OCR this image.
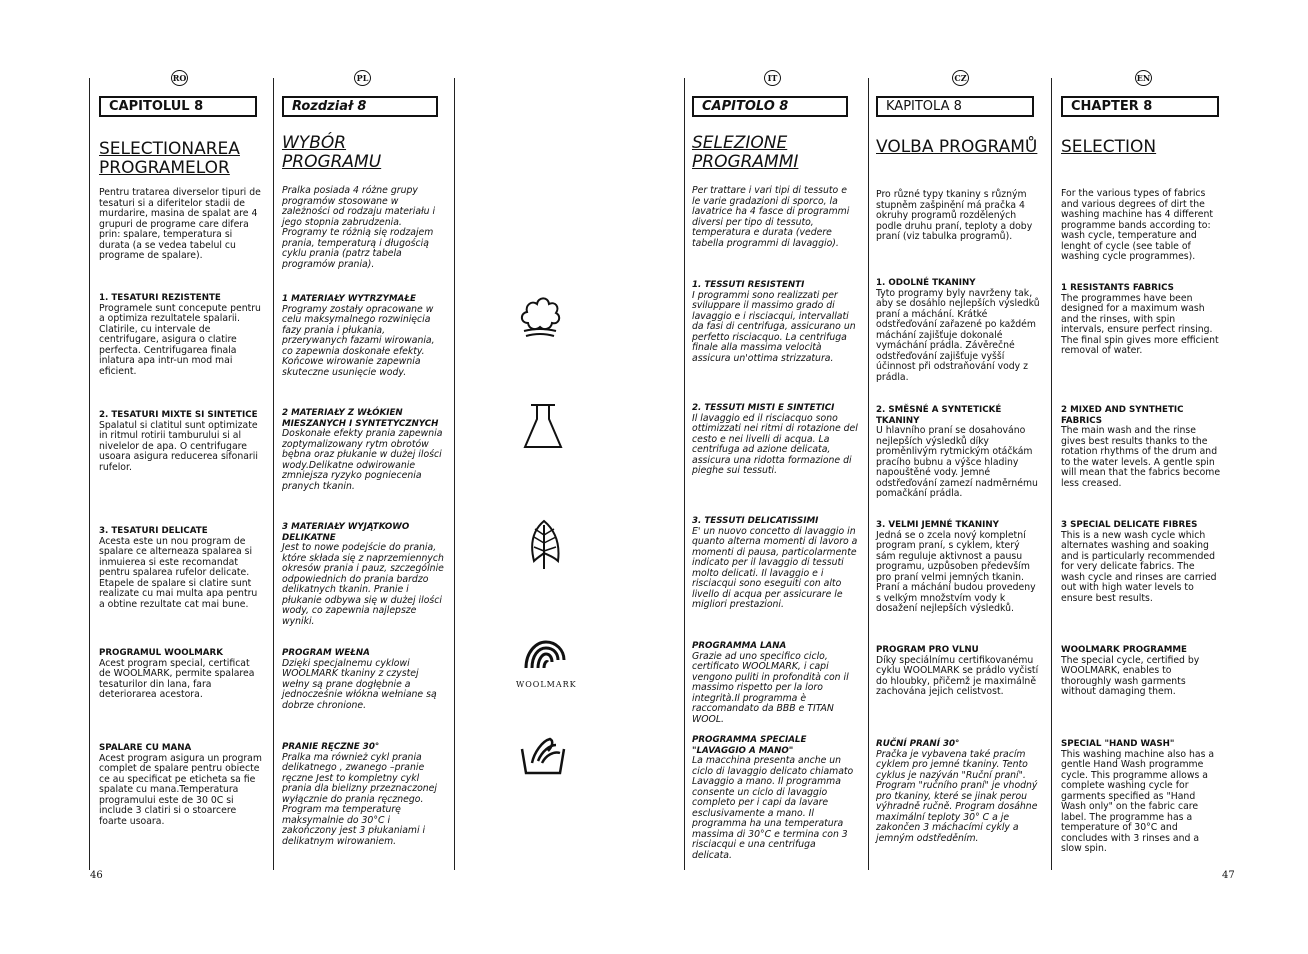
RO
CAPITOLUL 8
SELECTIONAREA
PROGRAMELOR
Pentru tratarea diverselor tipuri de tesaturi si a diferitelor stadii de murdarire, masina de spalat are 4 grupuri de programe care difera prin: spalare, temperatura si durata (a se vedea tabelul cu programe de spalare).
1. TESATURI REZISTENTE
Programele sunt concepute pentru a optimiza rezultatele spalarii. Clatirile, cu intervale de centrifugare, asigura o clatire perfecta. Centrifugarea finala inlatura apa intr-un mod mai eficient.
2. TESATURI MIXTE SI SINTETICE
Spalatul si clatitul sunt optimizate in ritmul rotirii tamburului si al nivelelor de apa. O centrifugare usoara asigura reducerea sifonarii rufelor.
3. TESATURI DELICATE
Acesta este un nou program de spalare ce alterneaza spalarea si inmuierea si este recomandat pentru spalarea rufelor delicate. Etapele de spalare si clatire sunt realizate cu mai multa apa pentru a obtine rezultate cat mai bune.
PROGRAMUL WOOLMARK
Acest program special, certificat de WOOLMARK, permite spalarea tesaturilor din lana, fara deteriorarea acestora.
SPALARE CU MANA
Acest program asigura un program complet de spalare pentru obiecte ce au specificat pe eticheta sa fie spalate cu mana.Temperatura programului este de 30 0C si include 3 clatiri si o stoarcere foarte usoara.
PL
Rozdział 8
WYBÓR
PROGRAMU
Pralka posiada 4 różne grupy programów stosowane w zależności od rodzaju materiału i jego stopnia zabrudzenia. Programy te różnią się rodzajem prania, temperaturą i długością cyklu prania (patrz tabela programów prania).
1 MATERIAŁY WYTRZYMAŁE
Programy zostały opracowane w celu maksymalnego rozwinięcia fazy prania i płukania, przerywanych fazami wirowania, co zapewnia doskonałe efekty. Końcowe wirowanie zapewnia skuteczne usunięcie wody.
2 MATERIAŁY Z WŁÓKIEN MIESZANYCH I SYNTETYCZNYCH
Doskonałe efekty prania zapewnia zoptymalizowany rytm obrotów bębna oraz płukanie w dużej ilości wody.Delikatne odwirowanie zmniejsza ryzyko pogniecenia pranych tkanin.
3 MATERIAŁY WYJĄTKOWO DELIKATNE
Jest to nowe podejście do prania, które składa się z naprzemiennych okresów prania i pauz, szczególnie odpowiednich do prania bardzo delikatnych tkanin. Pranie i płukanie odbywa się w dużej ilości wody, co zapewnia najlepsze wyniki.
PROGRAM WEŁNA
Dzięki specjalnemu cyklowi WOOLMARK tkaniny z czystej wełny są prane dogłębnie a jednocześnie włókna wełniane są dobrze chronione.
PRANIE RĘCZNE 30°
Pralka ma również cykl prania delikatnego , zwanego –pranie ręczne Jest to kompletny cykl prania dla bielizny przeznaczonej wyłącznie do prania ręcznego. Program ma temperaturę maksymalnie do 30°C i zakończony jest 3 płukaniami i delikatnym wirowaniem.
WOOLMARK
IT
CAPITOLO 8
SELEZIONE
PROGRAMMI
Per trattare i vari tipi di tessuto e le varie gradazioni di sporco, la lavatrice ha 4 fasce di programmi diversi per tipo di tessuto, temperatura e durata (vedere tabella programmi di lavaggio).
1. TESSUTI RESISTENTI
I programmi sono realizzati per sviluppare il massimo grado di lavaggio e i risciacqui, intervallati da fasi di centrifuga, assicurano un perfetto risciacquo. La centrifuga finale alla massima velocità assicura un'ottima strizzatura.
2. TESSUTI MISTI E SINTETICI
Il lavaggio ed il risciacquo sono ottimizzati nei ritmi di rotazione del cesto e nei livelli di acqua. La centrifuga ad azione delicata, assicura una ridotta formazione di pieghe sui tessuti.
3. TESSUTI DELICATISSIMI
E' un nuovo concetto di lavaggio in quanto alterna momenti di lavoro a momenti di pausa, particolarmente indicato per il lavaggio di tessuti molto delicati. Il lavaggio e i risciacqui sono eseguiti con alto livello di acqua per assicurare le migliori prestazioni.
PROGRAMMA LANA
Grazie ad uno specifico ciclo, certificato WOOLMARK, i capi vengono puliti in profondità con il massimo rispetto per la loro integrità.Il programma è raccomandato da BBB e TITAN WOOL.
PROGRAMMA SPECIALE "LAVAGGIO A MANO"
La macchina presenta anche un ciclo di lavaggio delicato chiamato Lavaggio a mano. Il programma consente un ciclo di lavaggio completo per i capi da lavare esclusivamente a mano. Il programma ha una temperatura massima di 30°C e termina con 3 risciacqui e una centrifuga delicata.
CZ
KAPITOLA 8
VOLBA PROGRAMŮ
Pro různé typy tkaniny s různým stupněm zašpinění má pračka 4 okruhy programů rozdělených podle druhu praní, teploty a doby praní (viz tabulka programů).
1. ODOLNÉ TKANINY
Tyto programy byly navrženy tak, aby se dosáhlo nejlepších výsledků praní a máchání. Krátké odstřeďování zařazené po každém máchání zajišťuje dokonalé vymáchání prádla. Závěrečné odstřeďování zajišťuje vyšší účinnost při odstraňování vody z prádla.
2. SMĚSNÉ A SYNTETICKÉ TKANINY
U hlavního praní se dosahováno nejlepších výsledků díky proměnlivým rytmickým otáčkám pracího bubnu a výšce hladiny napouštěné vody. Jemné odstřeďování zamezí nadměrnému pomačkání prádla.
3. VELMI JEMNÉ TKANINY
Jedná se o zcela nový kompletní program praní, s cyklem, který sám reguluje aktivnost a pausu programu, uzpůsoben především pro praní velmi jemných tkanin. Praní a máchání budou provedeny s velkým množstvím vody k dosažení nejlepších výsledků.
PROGRAM PRO VLNU
Díky speciálnímu certifikovanému cyklu WOOLMARK se prádlo vyčistí do hloubky, přičemž je maximálně zachována jejich celistvost.
RUČNÍ PRANÍ 30°
Pračka je vybavena také pracím cyklem pro jemné tkaniny. Tento cyklus je nazýván "Ruční praní". Program "ručního praní" je vhodný pro tkaniny, které se jinak perou výhradně ručně. Program dosáhne maximální teploty 30° C a je zakončen 3 máchacími cykly a jemným odstředěním.
EN
CHAPTER 8
SELECTION
For the various types of fabrics and various degrees of dirt the washing machine has 4 different programme bands according to: wash cycle, temperature and lenght of cycle (see table of washing cycle programmes).
1 RESISTANTS FABRICS
The programmes have been designed for a maximum wash and the rinses, with spin intervals, ensure perfect rinsing. The final spin gives more efficient removal of water.
2 MIXED AND SYNTHETIC FABRICS
The main wash and the rinse gives best results thanks to the rotation rhythms of the drum and to the water levels. A gentle spin will mean that the fabrics become less creased.
3 SPECIAL DELICATE FIBRES
This is a new wash cycle which alternates washing and soaking and is particularly recommended for very delicate fabrics. The wash cycle and rinses are carried out with high water levels to ensure best results.
WOOLMARK PROGRAMME
The special cycle, certified by WOOLMARK, enables to thoroughly wash garments without damaging them.
SPECIAL "HAND WASH"
This washing machine also has a gentle Hand Wash programme cycle. This programme allows a complete washing cycle for garments specified as "Hand Wash only" on the fabric care label. The programme has a temperature of 30°C and concludes with 3 rinses and a slow spin.
46	47
